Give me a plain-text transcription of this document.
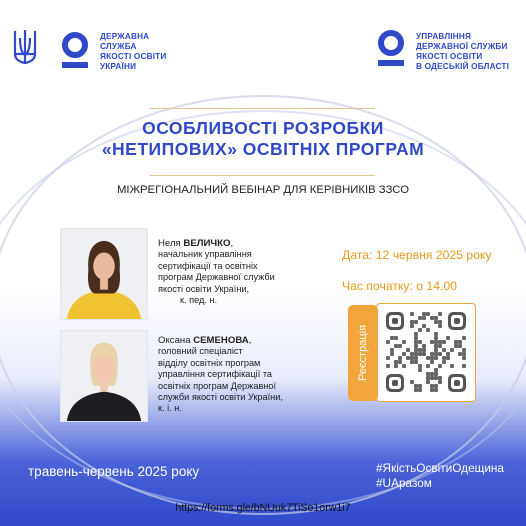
ДЕРЖАВНА
СЛУЖБА
ЯКОСТІ ОСВІТИ
УКРАЇНИ
УПРАВЛІННЯ
ДЕРЖАВНОЇ СЛУЖБИ
ЯКОСТІ ОСВІТИ
В ОДЕСЬКІЙ ОБЛАСТІ
ОСОБЛИВОСТІ РОЗРОБКИ
«НЕТИПОВИХ» ОСВІТНІХ ПРОГРАМ
МІЖРЕГІОНАЛЬНИЙ ВЕБІНАР ДЛЯ КЕРІВНИКІВ ЗЗСО
Неля ВЕЛИЧКО,
начальник управління
сертифікації та освітніх
програм Державної служби
якості освіти України,
к. пед. н.
Оксана СЕМЕНОВА,
головний спеціаліст
відділу освітніх програм
управління сертифікації та
освітніх програм Державної
служби якості освіти України,
к. і. н.
Дата: 12 червня 2025 року
Час початку: о 14.00
Реєстрація
травень-червень 2025 року	#ЯкістьОсвітиОдещина
#UАразом
https://forms.gle/bNUuk7TiSe1orw1i7
